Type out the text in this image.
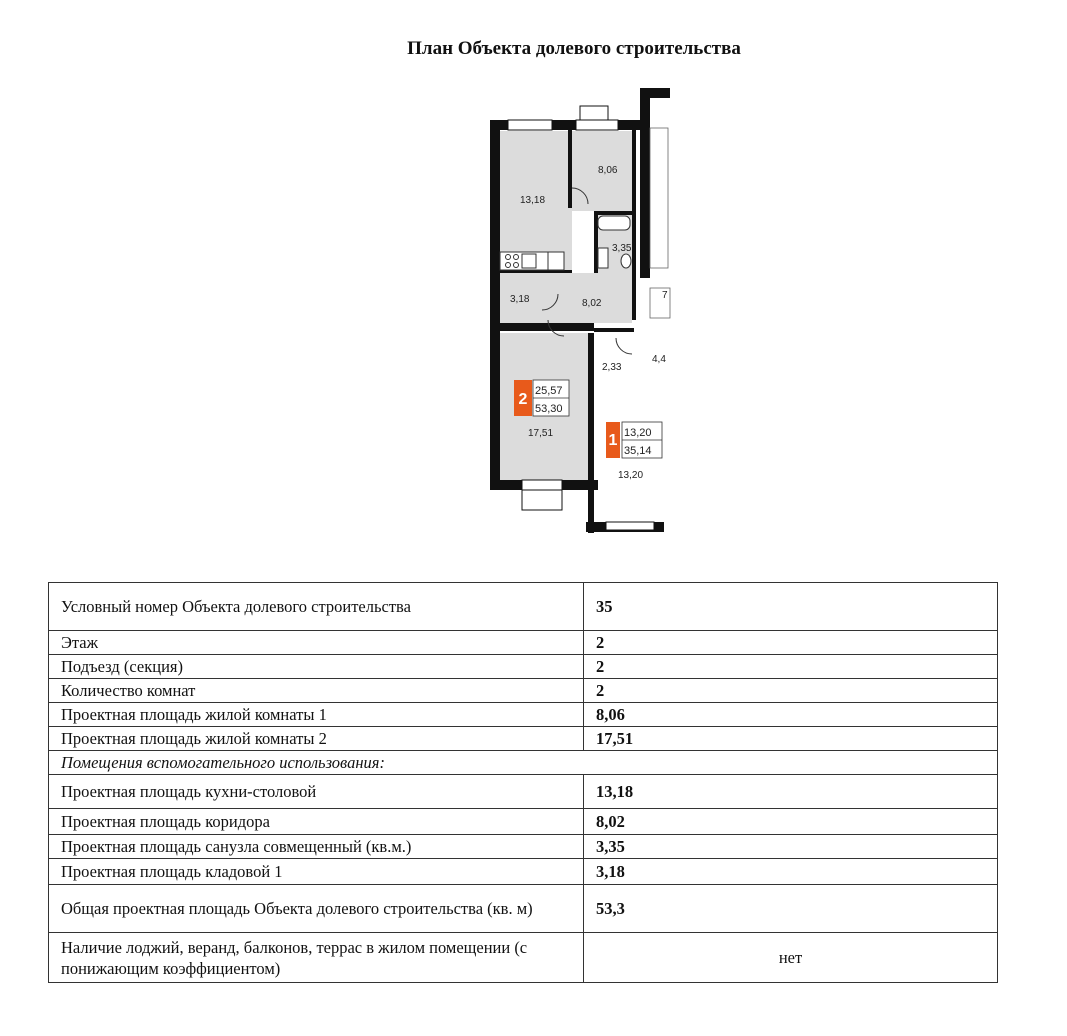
План Объекта долевого строительства
2 25,57
53,30
1 13,20
35,14
13,18
8,06
3,35
3,18	8,02
17,51
2,33
4,4
13,20
7
Условный номер Объекта долевого строительства	35
Этаж	2
Подъезд (секция)	2
Количество комнат	2
Проектная площадь жилой комнаты 1	8,06
Проектная площадь жилой комнаты 2	17,51
Помещения вспомогательного использования:	
Проектная площадь кухни-столовой	13,18
Проектная площадь коридора	8,02
Проектная площадь санузла совмещенный (кв.м.)	3,35
Проектная площадь кладовой 1	3,18
Общая проектная площадь Объекта долевого строительства (кв. м)	53,3
Наличие лоджий, веранд, балконов, террас в жилом помещении (с понижающим коэффициентом)	нет
